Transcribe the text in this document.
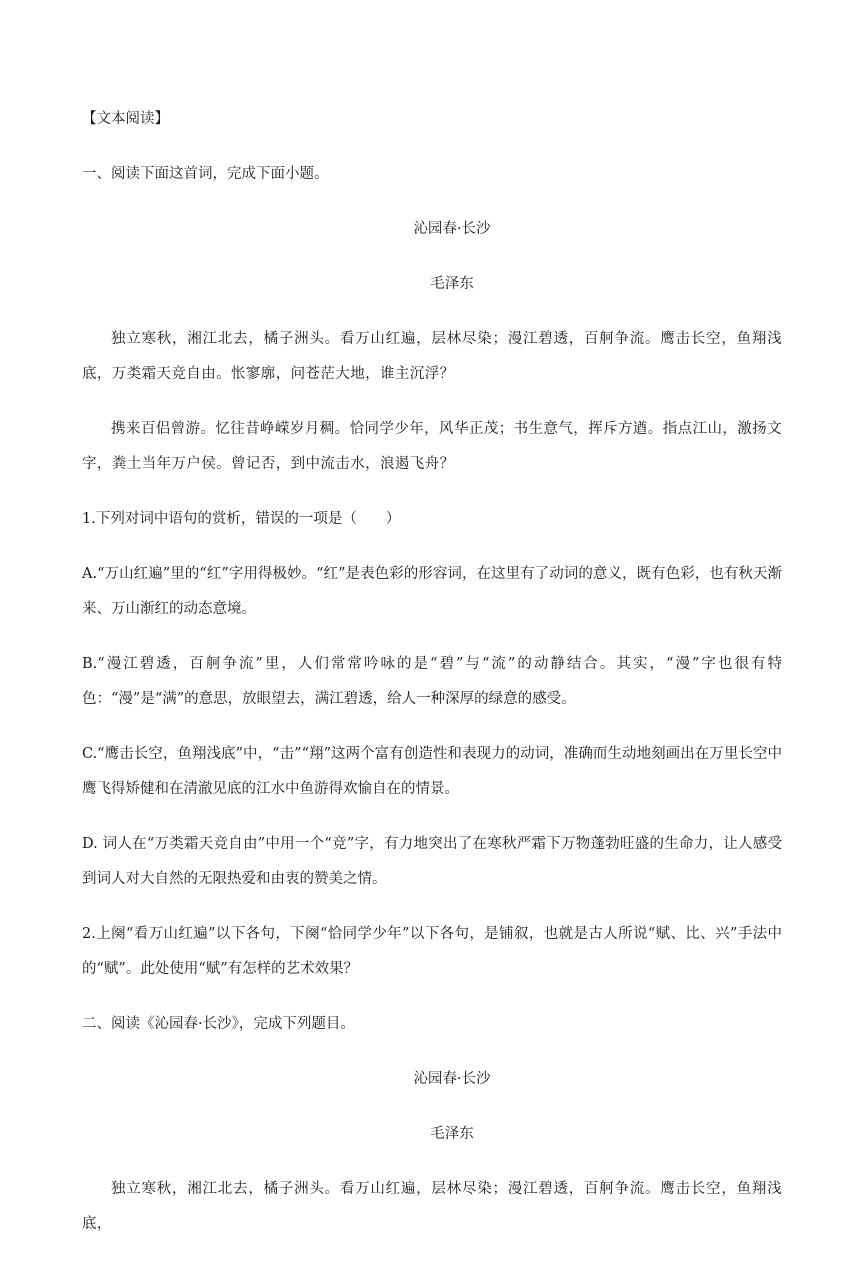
【文本阅读】

一、阅读下面这首词，完成下面小题。

沁园春·长沙

毛泽东

独立寒秋，湘江北去，橘子洲头。看万山红遍，层林尽染；漫江碧透，百舸争流。鹰击长空，鱼翔浅底，万类霜天竞自由。怅寥廓，问苍茫大地，谁主沉浮？

携来百侣曾游。忆往昔峥嵘岁月稠。恰同学少年，风华正茂；书生意气，挥斥方遒。指点江山，激扬文字，粪土当年万户侯。曾记否，到中流击水，浪遏飞舟？

1.下列对词中语句的赏析，错误的一项是（　　）

A.“万山红遍”里的“红”字用得极妙。“红”是表色彩的形容词，在这里有了动词的意义，既有色彩，也有秋天渐来、万山渐红的动态意境。

B.“漫江碧透，百舸争流”里，人们常常吟咏的是“碧”与“流”的动静结合。其实，“漫”字也很有特色：“漫”是“满”的意思，放眼望去，满江碧透，给人一种深厚的绿意的感受。

C.“鹰击长空，鱼翔浅底”中，“击”“翔”这两个富有创造性和表现力的动词，准确而生动地刻画出在万里长空中鹰飞得矫健和在清澈见底的江水中鱼游得欢愉自在的情景。

D. 词人在“万类霜天竞自由”中用一个“竞”字，有力地突出了在寒秋严霜下万物蓬勃旺盛的生命力，让人感受到词人对大自然的无限热爱和由衷的赞美之情。

2.上阕“看万山红遍”以下各句，下阕“恰同学少年”以下各句，是铺叙，也就是古人所说“赋、比、兴”手法中的“赋”。此处使用“赋”有怎样的艺术效果？

二、阅读《沁园春·长沙》，完成下列题目。

沁园春·长沙

毛泽东

独立寒秋，湘江北去，橘子洲头。看万山红遍，层林尽染；漫江碧透，百舸争流。鹰击长空，鱼翔浅底，
